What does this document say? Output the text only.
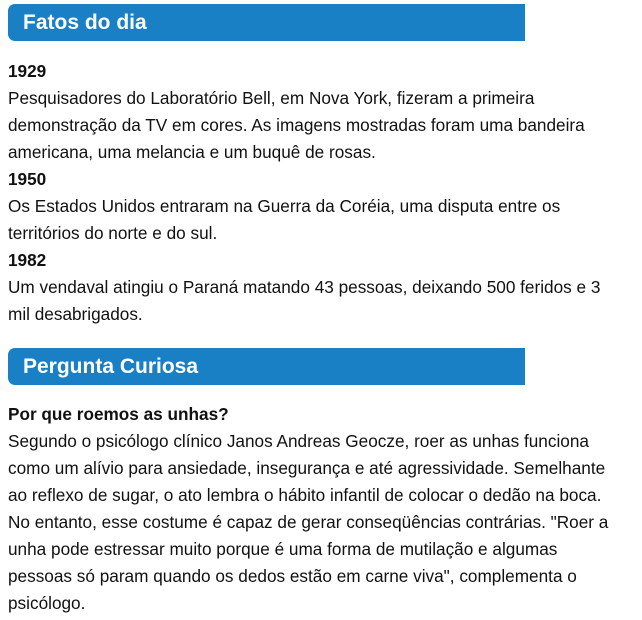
Fatos do dia
1929
Pesquisadores do Laboratório Bell, em Nova York, fizeram a primeira
demonstração da TV em cores. As imagens mostradas foram uma bandeira
americana, uma melancia e um buquê de rosas.
1950
Os Estados Unidos entraram na Guerra da Coréia, uma disputa entre os
territórios do norte e do sul.
1982
Um vendaval atingiu o Paraná matando 43 pessoas, deixando 500 feridos e 3
mil desabrigados.
Pergunta Curiosa
Por que roemos as unhas?
Segundo o psicólogo clínico Janos Andreas Geocze, roer as unhas funciona
como um alívio para ansiedade, insegurança e até agressividade. Semelhante
ao reflexo de sugar, o ato lembra o hábito infantil de colocar o dedão na boca.
No entanto, esse costume é capaz de gerar conseqüências contrárias. "Roer a
unha pode estressar muito porque é uma forma de mutilação e algumas
pessoas só param quando os dedos estão em carne viva", complementa o
psicólogo.
